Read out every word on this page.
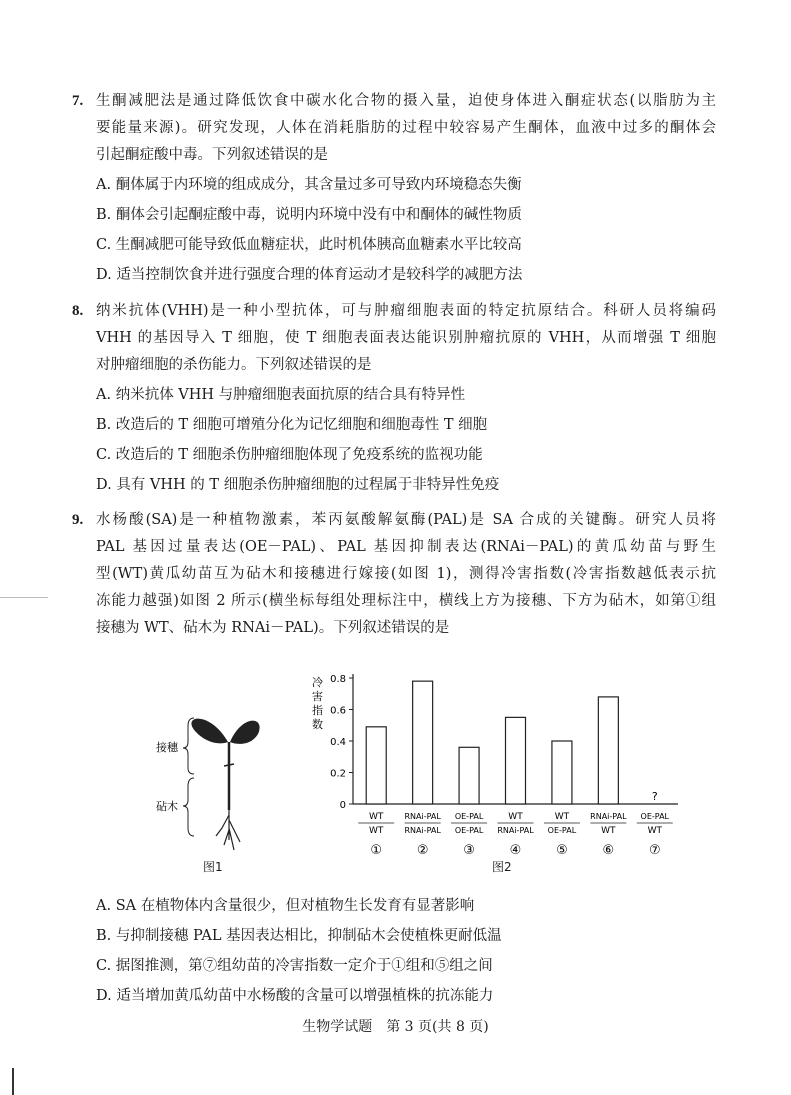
7. 生酮减肥法是通过降低饮食中碳水化合物的摄入量，迫使身体进入酮症状态(以脂肪为主
要能量来源)。研究发现，人体在消耗脂肪的过程中较容易产生酮体，血液中过多的酮体会
引起酮症酸中毒。下列叙述错误的是
A. 酮体属于内环境的组成成分，其含量过多可导致内环境稳态失衡
B. 酮体会引起酮症酸中毒，说明内环境中没有中和酮体的碱性物质
C. 生酮减肥可能导致低血糖症状，此时机体胰高血糖素水平比较高
D. 适当控制饮食并进行强度合理的体育运动才是较科学的减肥方法
8. 纳米抗体(VHH)是一种小型抗体，可与肿瘤细胞表面的特定抗原结合。科研人员将编码
VHH 的基因导入 T 细胞，使 T 细胞表面表达能识别肿瘤抗原的 VHH，从而增强 T 细胞
对肿瘤细胞的杀伤能力。下列叙述错误的是
A. 纳米抗体 VHH 与肿瘤细胞表面抗原的结合具有特异性
B. 改造后的 T 细胞可增殖分化为记忆细胞和细胞毒性 T 细胞
C. 改造后的 T 细胞杀伤肿瘤细胞体现了免疫系统的监视功能
D. 具有 VHH 的 T 细胞杀伤肿瘤细胞的过程属于非特异性免疫
9. 水杨酸(SA)是一种植物激素，苯丙氨酸解氨酶(PAL)是 SA 合成的关键酶。研究人员将
PAL 基因过量表达(OE－PAL)、PAL 基因抑制表达(RNAi－PAL)的黄瓜幼苗与野生
型(WT)黄瓜幼苗互为砧木和接穗进行嫁接(如图 1)，测得冷害指数(冷害指数越低表示抗
冻能力越强)如图 2 所示(横坐标每组处理标注中，横线上方为接穗、下方为砧木，如第①组
接穗为 WT、砧木为 RNAi－PAL)。下列叙述错误的是
接穗
砧木
图1
冷
害
指
数
0
0.2
0.4
0.6
0.8
WT
WT
①
RNAi-PAL
RNAi-PAL
②
OE-PAL
OE-PAL
③
WT
RNAi-PAL
④
WT
OE-PAL
⑤
RNAi-PAL
WT
⑥
?
OE-PAL
WT
⑦
图2
A. SA 在植物体内含量很少，但对植物生长发育有显著影响
B. 与抑制接穗 PAL 基因表达相比，抑制砧木会使植株更耐低温
C. 据图推测，第⑦组幼苗的冷害指数一定介于①组和⑤组之间
D. 适当增加黄瓜幼苗中水杨酸的含量可以增强植株的抗冻能力
生物学试题　第 3 页(共 8 页)
